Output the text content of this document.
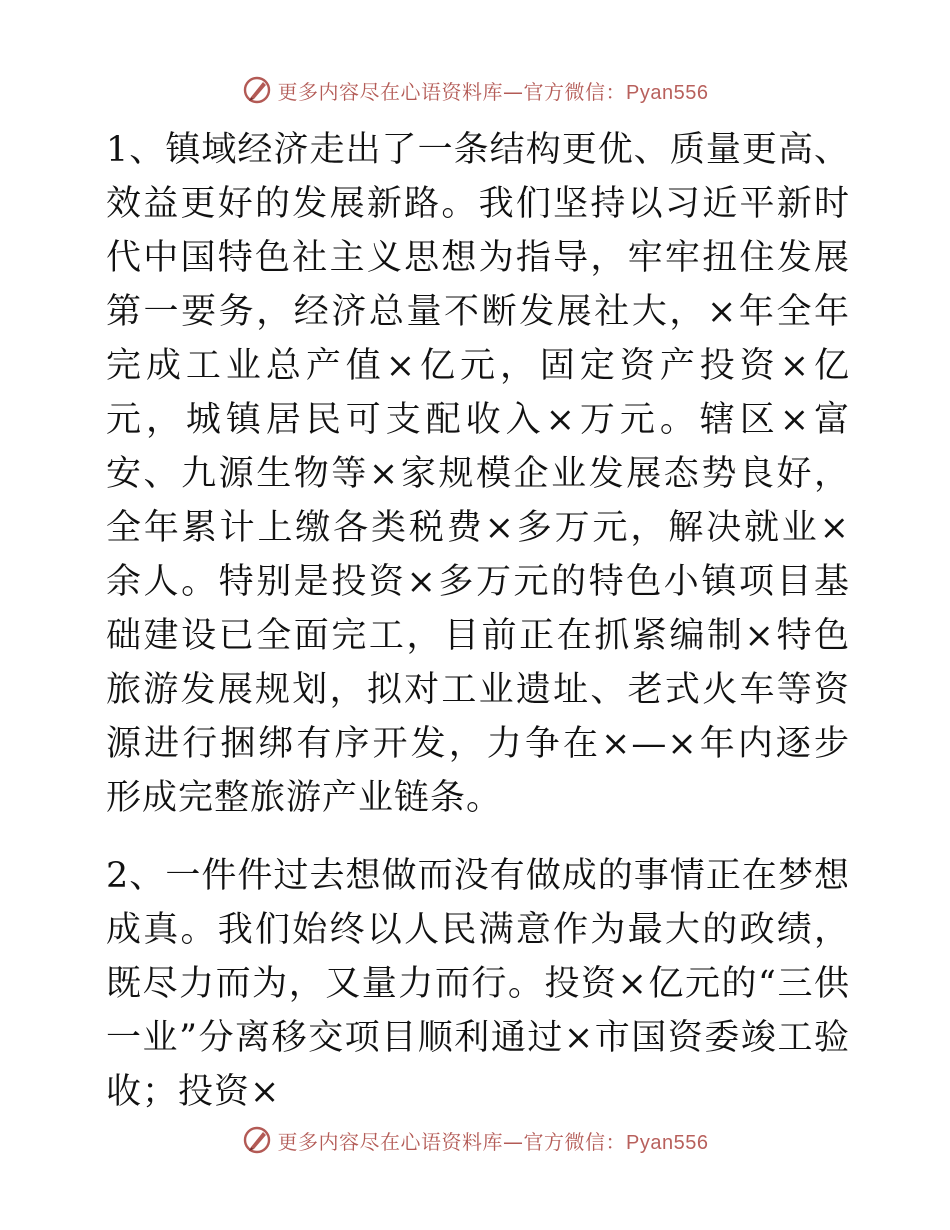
更多内容尽在心语资料库—官方微信：Pyan556

1、镇域经济走出了一条结构更优、质量更高、效益更好的发展新路。我们坚持以习近平新时代中国特色社主义思想为指导，牢牢扭住发展第一要务，经济总量不断发展社大，×年全年完成工业总产值×亿元，固定资产投资×亿元，城镇居民可支配收入×万元。辖区×富安、九源生物等×家规模企业发展态势良好，全年累计上缴各类税费×多万元，解决就业×余人。特别是投资×多万元的特色小镇项目基础建设已全面完工，目前正在抓紧编制×特色旅游发展规划，拟对工业遗址、老式火车等资源进行捆绑有序开发，力争在×—×年内逐步形成完整旅游产业链条。

2、一件件过去想做而没有做成的事情正在梦想成真。我们始终以人民满意作为最大的政绩，既尽力而为，又量力而行。投资×亿元的“三供一业”分离移交项目顺利通过×市国资委竣工验收；投资×

更多内容尽在心语资料库—官方微信：Pyan556
